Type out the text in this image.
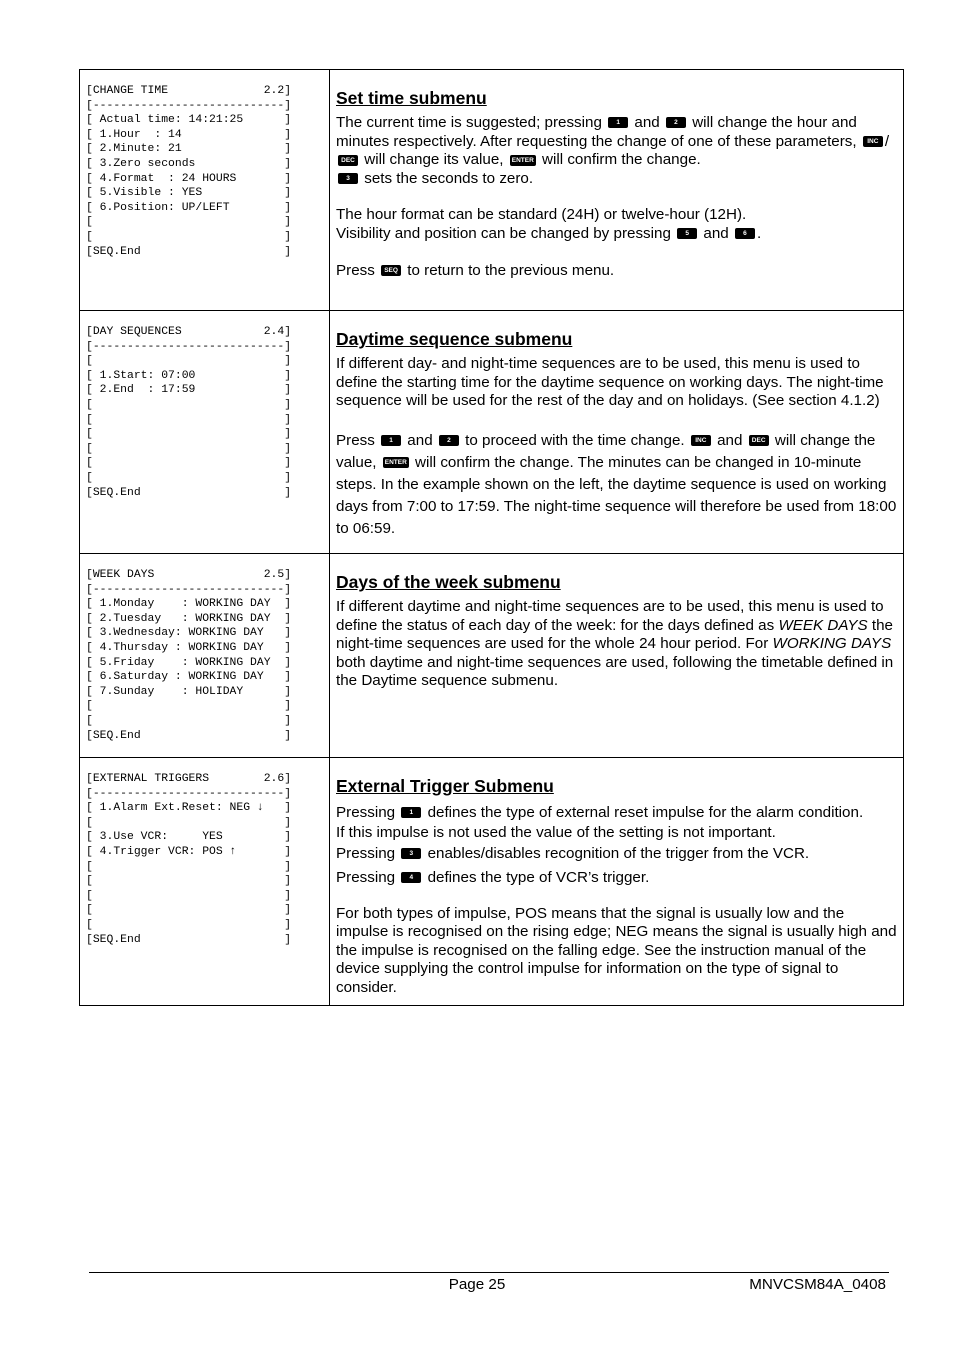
[CHANGE TIME              2.2]
[----------------------------]
[ Actual time: 14:21:25      ]
[ 1.Hour  : 14               ]
[ 2.Minute: 21               ]
[ 3.Zero seconds             ]
[ 4.Format  : 24 HOURS       ]
[ 5.Visible : YES            ]
[ 6.Position: UP/LEFT        ]
[                            ]
[                            ]
[SEQ.End                     ]
Set time submenu

The current time is suggested; pressing 1 and 2 will change the hour and minutes respectively. After requesting the change of one of these parameters, INC /DEC will change its value, ENTER will confirm the change.

3 sets the seconds to zero.

The hour format can be standard (24H) or twelve-hour (12H).

Visibility and position can be changed by pressing 5 and 6 .

Press SEQ to return to the previous menu.

[DAY SEQUENCES            2.4]
[----------------------------]
[                            ]
[ 1.Start: 07:00             ]
[ 2.End  : 17:59             ]
[                            ]
[                            ]
[                            ]
[                            ]
[                            ]
[                            ]
[SEQ.End                     ]
Daytime sequence submenu

If different day- and night-time sequences are to be used, this menu is used to define the starting time for the daytime sequence on working days. The night-time sequence will be used for the rest of the day and on holidays. (See section 4.1.2)

Press 1 and 2 to proceed with the time change. INC and DEC will change the value, ENTER will confirm the change. The minutes can be changed in 10-minute steps. In the example shown on the left, the daytime sequence is used on working days from 7:00 to 17:59. The night-time sequence will therefore be used from 18:00 to 06:59.

[WEEK DAYS                2.5]
[----------------------------]
[ 1.Monday    : WORKING DAY  ]
[ 2.Tuesday   : WORKING DAY  ]
[ 3.Wednesday: WORKING DAY   ]
[ 4.Thursday : WORKING DAY   ]
[ 5.Friday    : WORKING DAY  ]
[ 6.Saturday : WORKING DAY   ]
[ 7.Sunday    : HOLIDAY      ]
[                            ]
[                            ]
[SEQ.End                     ]
Days of the week submenu

If different daytime and night-time sequences are to be used, this menu is used to define the status of each day of the week: for the days defined as WEEK DAYS the night-time sequences are used for the whole 24 hour period. For WORKING DAYS both daytime and night-time sequences are used, following the timetable defined in the Daytime sequence submenu.

[EXTERNAL TRIGGERS        2.6]
[----------------------------]
[ 1.Alarm Ext.Reset: NEG ↓   ]
[                            ]
[ 3.Use VCR:     YES         ]
[ 4.Trigger VCR: POS ↑       ]
[                            ]
[                            ]
[                            ]
[                            ]
[                            ]
[SEQ.End                     ]
External Trigger Submenu

Pressing 1 defines the type of external reset impulse for the alarm condition.

If this impulse is not used the value of the setting is not important.

Pressing 3 enables/disables recognition of the trigger from the VCR.

Pressing 4 defines the type of VCR’s trigger.

For both types of impulse, POS means that the signal is usually low and the impulse is recognised on the rising edge; NEG means the signal is usually high and the impulse is recognised on the falling edge. See the instruction manual of the device supplying the control impulse for information on the type of signal to consider.

Page 25	MNVCSM84A_0408
